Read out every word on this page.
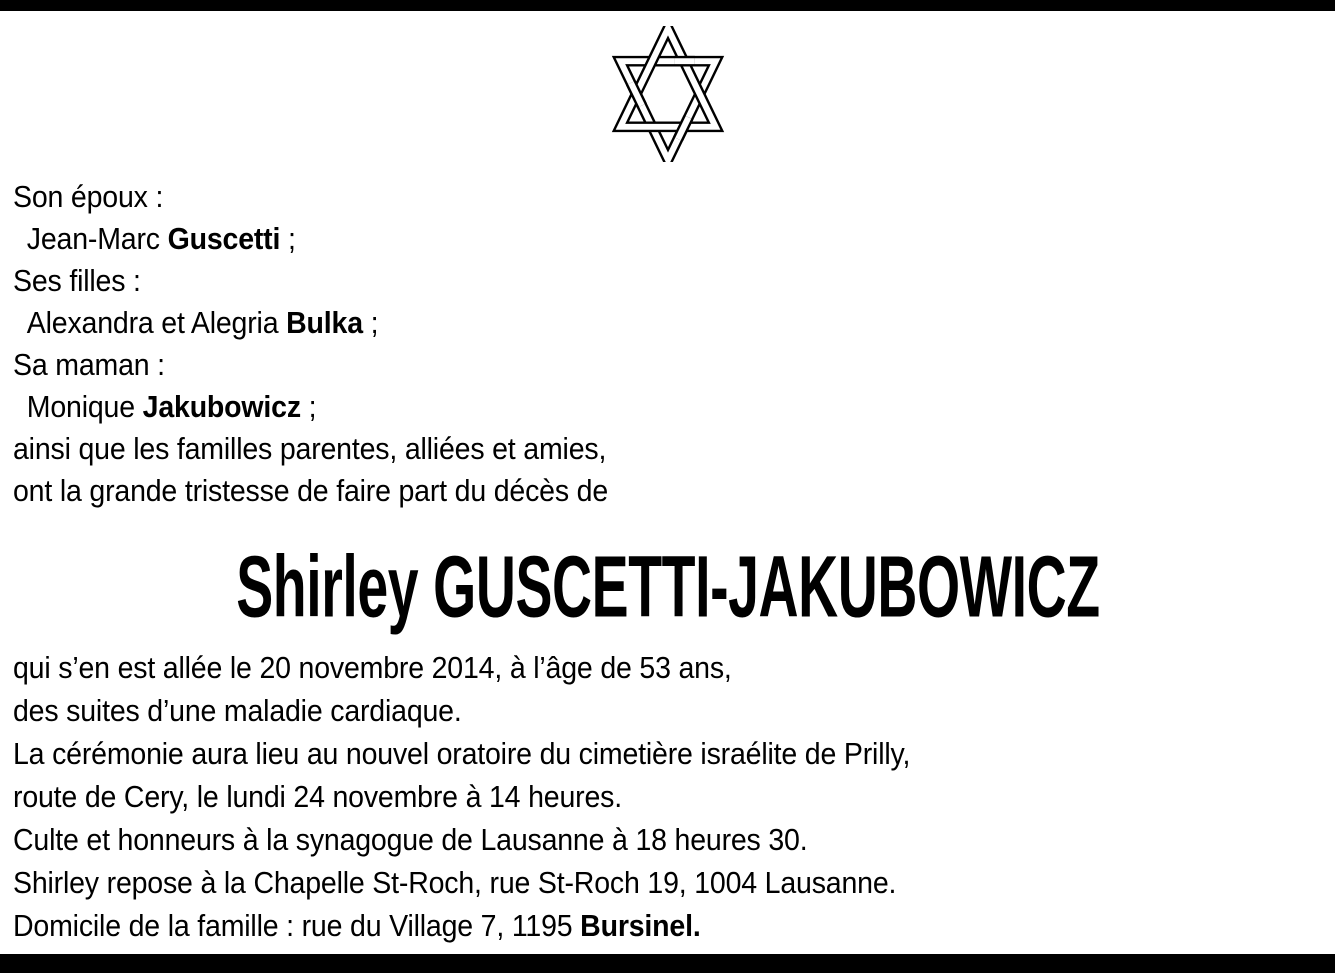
Son époux :

Jean-Marc Guscetti ;

Ses filles :

Alexandra et Alegria Bulka ;

Sa maman :

Monique Jakubowicz ;

ainsi que les familles parentes, alliées et amies,

ont la grande tristesse de faire part du décès de

Shirley GUSCETTI-JAKUBOWICZ

qui s’en est allée le 20 novembre 2014, à l’âge de 53 ans,

des suites d’une maladie cardiaque.

La cérémonie aura lieu au nouvel oratoire du cimetière israélite de Prilly,

route de Cery, le lundi 24 novembre à 14 heures.

Culte et honneurs à la synagogue de Lausanne à 18 heures 30.

Shirley repose à la Chapelle St-Roch, rue St-Roch 19, 1004 Lausanne.

Domicile de la famille : rue du Village 7, 1195 Bursinel.
